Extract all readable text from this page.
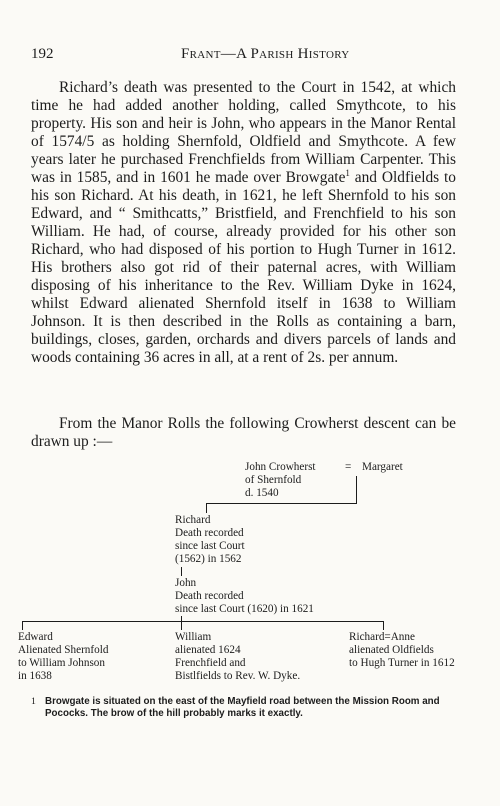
192	Frant—A Parish History

Richard’s death was presented to the Court in 1542, at which time he had added another holding, called Smythcote, to his property. His son and heir is John, who appears in the Manor Rental of 1574/5 as holding Shernfold, Oldfield and Smythcote. A few years later he purchased Frenchfields from William Carpenter. This was in 1585, and in 1601 he made over Browgate$^1$ and Oldfields to his son Richard. At his death, in 1621, he left Shernfold to his son Edward, and “ Smithcatts,” Bristfield, and Frenchfield to his son William. He had, of course, already provided for his other son Richard, who had disposed of his portion to Hugh Turner in 1612. His brothers also got rid of their paternal acres, with William disposing of his inheritance to the Rev. William Dyke in 1624, whilst Edward alienated Shernfold itself in 1638 to William Johnson. It is then described in the Rolls as containing a barn, buildings, closes, garden, orchards and divers parcels of lands and woods containing 36 acres in all, at a rent of 2s. per annum.

From the Manor Rolls the following Crowherst descent can be drawn up :—

John Crowherst
of Shernfold
d. 1540
= Margaret
Richard
Death recorded
since last Court
(1562) in 1562
John
Death recorded
since last Court (1620) in 1621
Edward
Alienated Shernfold
to William Johnson
in 1638
William
alienated 1624
Frenchfield and
Bistlfields to Rev. W. Dyke.
Richard=Anne
alienated Oldfields
to Hugh Turner in 1612
1 Browgate is situated on the east of the Mayfield road between the Mission Room and Pococks. The brow of the hill probably marks it exactly.
